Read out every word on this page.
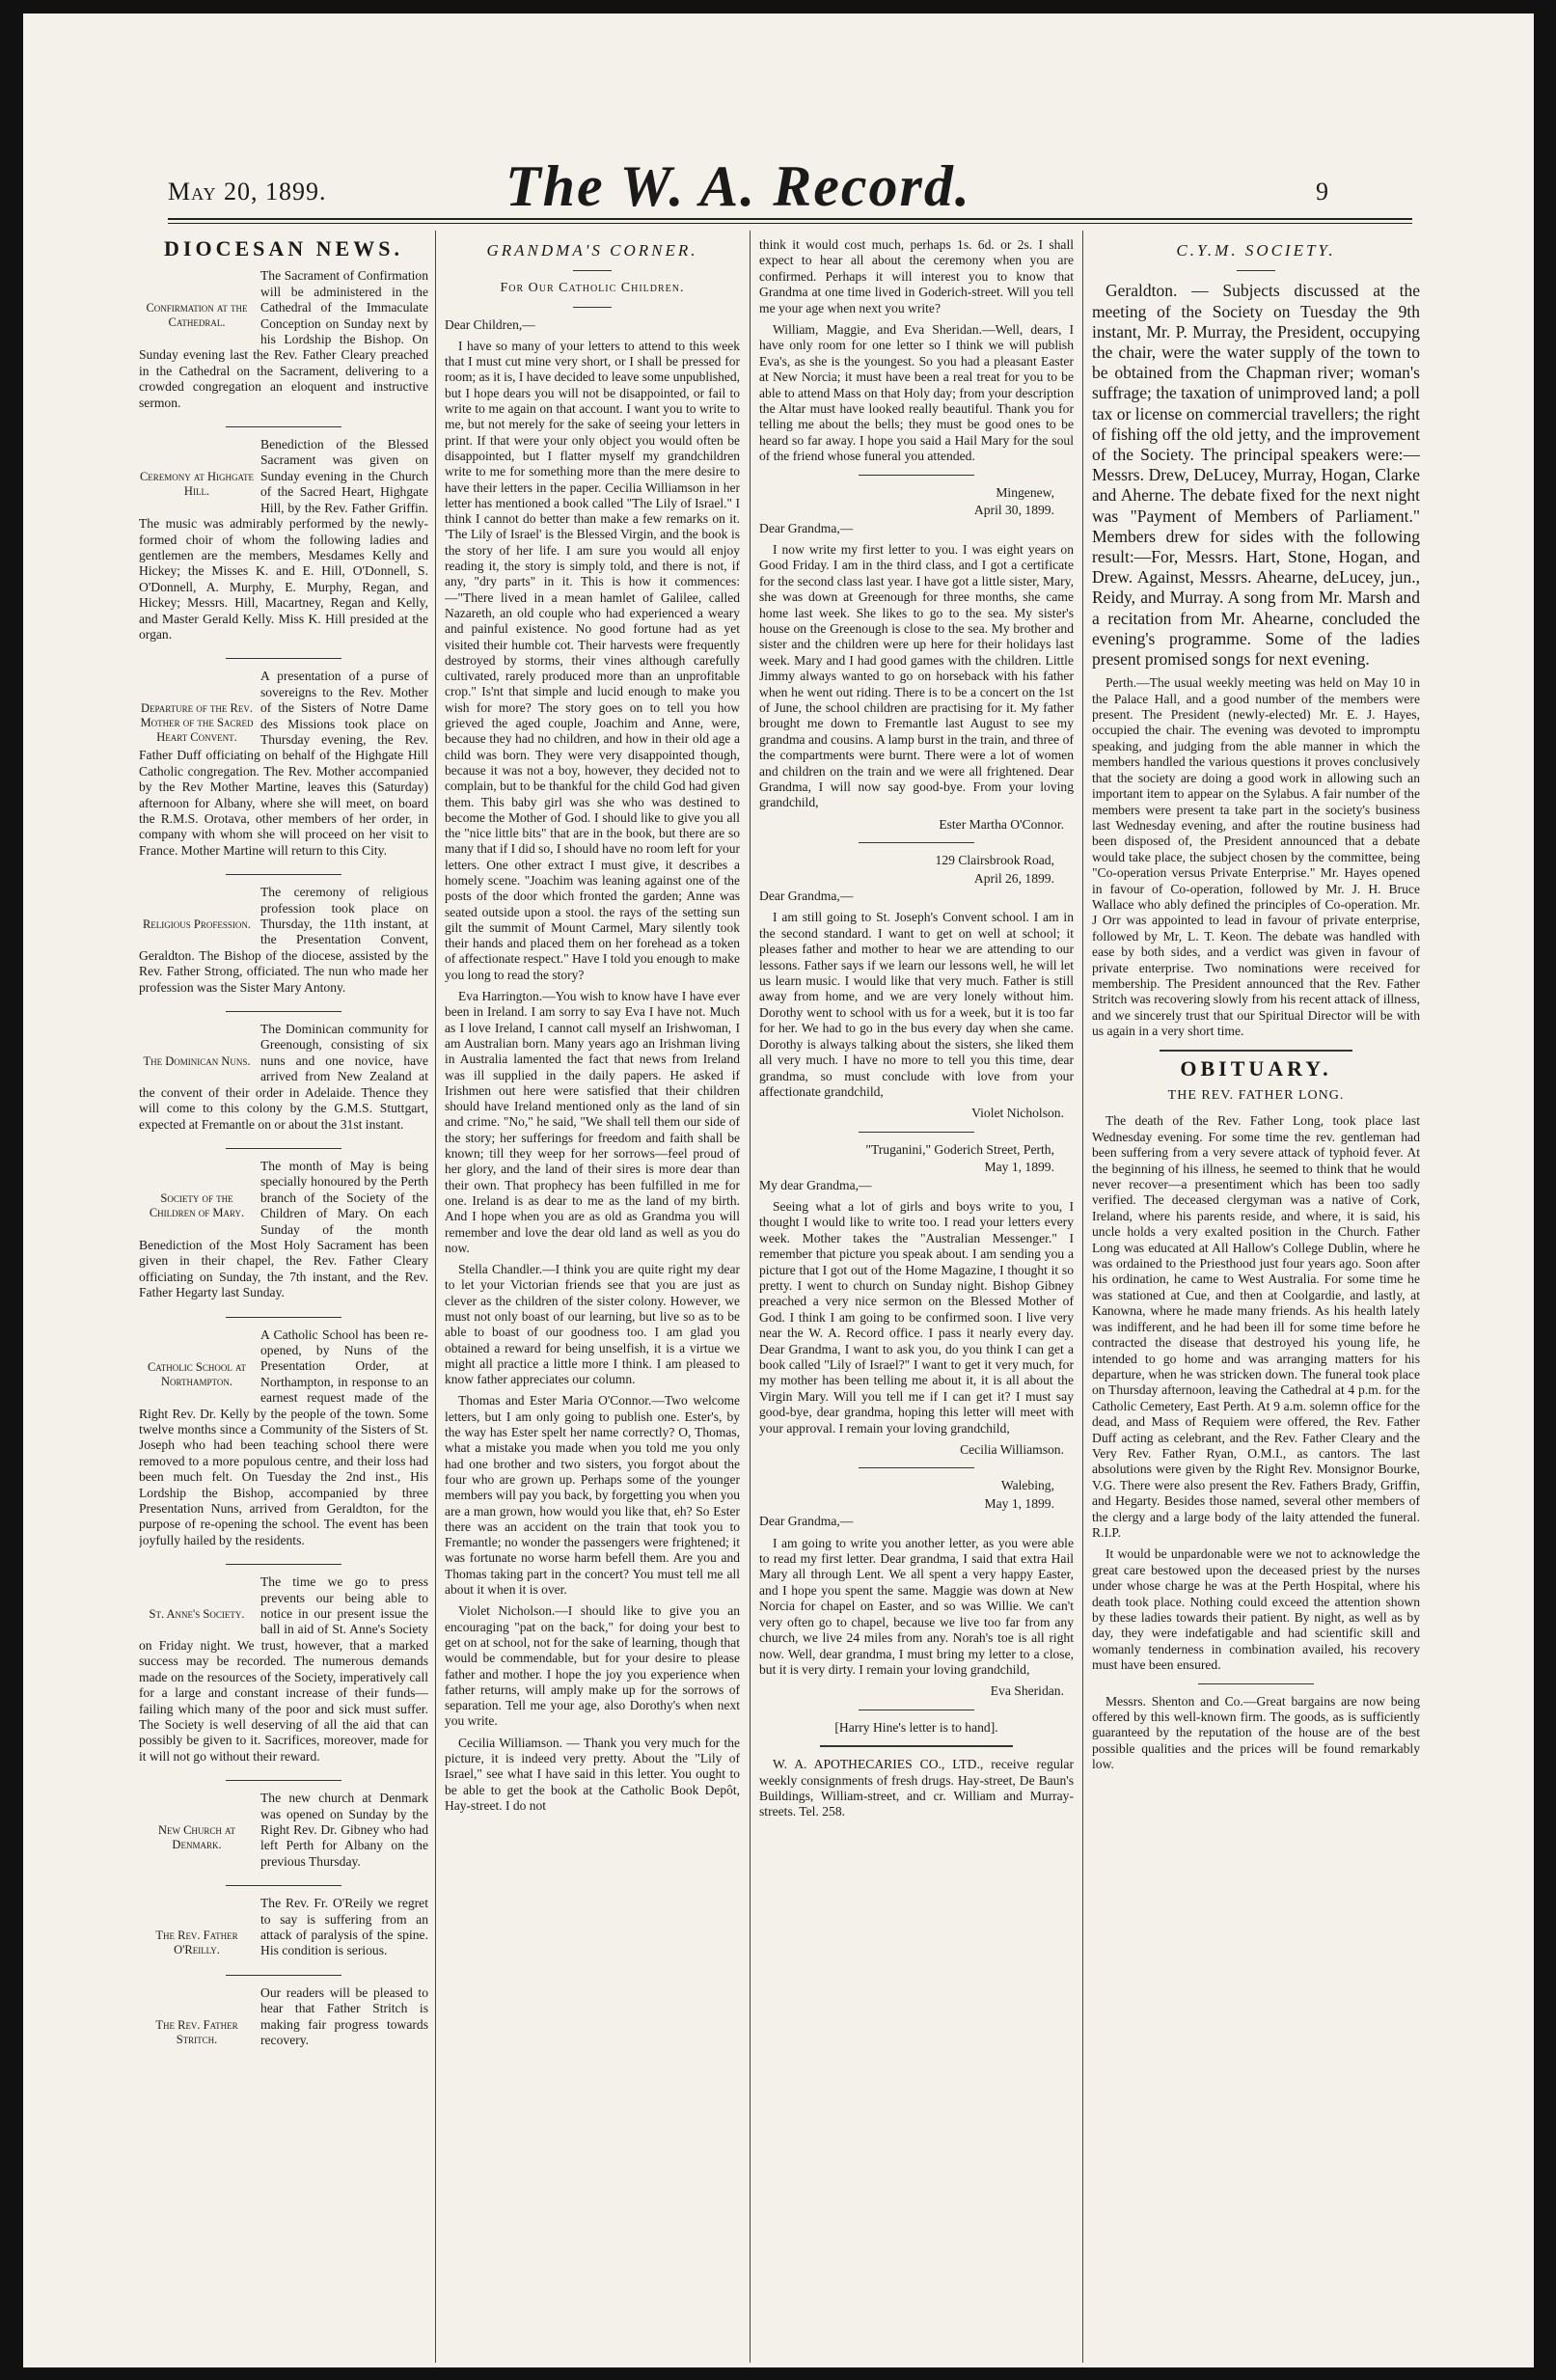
May 20, 1899.	The W. A. Record.	9
DIOCESAN NEWS.
Confirmation at the Cathedral.

The Sacrament of Confirmation will be administered in the Cathedral of the Immaculate Conception on Sunday next by his Lordship the Bishop. On Sunday evening last the Rev. Father Cleary preached in the Cathedral on the Sacrament, delivering to a crowded congregation an eloquent and instructive sermon.

Ceremony at Highgate Hill.

Benediction of the Blessed Sacrament was given on Sunday evening in the Church of the Sacred Heart, Highgate Hill, by the Rev. Father Griffin. The music was admirably performed by the newly-formed choir of whom the following ladies and gentlemen are the members, Mesdames Kelly and Hickey; the Misses K. and E. Hill, O'Donnell, S. O'Donnell, A. Murphy, E. Murphy, Regan, and Hickey; Messrs. Hill, Macartney, Regan and Kelly, and Master Gerald Kelly. Miss K. Hill presided at the organ.

Departure of the Rev. Mother of the Sacred Heart Convent.

A presentation of a purse of sovereigns to the Rev. Mother of the Sisters of Notre Dame des Missions took place on Thursday evening, the Rev. Father Duff officiating on behalf of the Highgate Hill Catholic congregation. The Rev. Mother accompanied by the Rev Mother Martine, leaves this (Saturday) afternoon for Albany, where she will meet, on board the R.M.S. Orotava, other members of her order, in company with whom she will proceed on her visit to France. Mother Martine will return to this City.

Religious Profession.

The ceremony of religious profession took place on Thursday, the 11th instant, at the Presentation Convent, Geraldton. The Bishop of the diocese, assisted by the Rev. Father Strong, officiated. The nun who made her profession was the Sister Mary Antony.

The Dominican Nuns.

The Dominican community for Greenough, consisting of six nuns and one novice, have arrived from New Zealand at the convent of their order in Adelaide. Thence they will come to this colony by the G.M.S. Stuttgart, expected at Fremantle on or about the 31st instant.

Society of the Children of Mary.

The month of May is being specially honoured by the Perth branch of the Society of the Children of Mary. On each Sunday of the month Benediction of the Most Holy Sacrament has been given in their chapel, the Rev. Father Cleary officiating on Sunday, the 7th instant, and the Rev. Father Hegarty last Sunday.

Catholic School at Northampton.

A Catholic School has been re-opened, by Nuns of the Presentation Order, at Northampton, in response to an earnest request made of the Right Rev. Dr. Kelly by the people of the town. Some twelve months since a Community of the Sisters of St. Joseph who had been teaching school there were removed to a more populous centre, and their loss had been much felt. On Tuesday the 2nd inst., His Lordship the Bishop, accompanied by three Presentation Nuns, arrived from Geraldton, for the purpose of re-opening the school. The event has been joyfully hailed by the residents.

St. Anne's Society.

The time we go to press prevents our being able to notice in our present issue the ball in aid of St. Anne's Society on Friday night. We trust, however, that a marked success may be recorded. The numerous demands made on the resources of the Society, imperatively call for a large and constant increase of their funds—failing which many of the poor and sick must suffer. The Society is well deserving of all the aid that can possibly be given to it. Sacrifices, moreover, made for it will not go without their reward.

New Church at Denmark.

The new church at Denmark was opened on Sunday by the Right Rev. Dr. Gibney who had left Perth for Albany on the previous Thursday.

The Rev. Father O'Reilly.

The Rev. Fr. O'Reily we regret to say is suffering from an attack of paralysis of the spine. His condition is serious.

The Rev. Father Stritch.

Our readers will be pleased to hear that Father Stritch is making fair progress towards recovery.

GRANDMA'S CORNER.
For Our Catholic Children.

Dear Children,—

I have so many of your letters to attend to this week that I must cut mine very short, or I shall be pressed for room; as it is, I have decided to leave some unpublished, but I hope dears you will not be disappointed, or fail to write to me again on that account. I want you to write to me, but not merely for the sake of seeing your letters in print. If that were your only object you would often be disappointed, but I flatter myself my grandchildren write to me for something more than the mere desire to have their letters in the paper. Cecilia Williamson in her letter has mentioned a book called "The Lily of Israel." I think I cannot do better than make a few remarks on it. 'The Lily of Israel' is the Blessed Virgin, and the book is the story of her life. I am sure you would all enjoy reading it, the story is simply told, and there is not, if any, "dry parts" in it. This is how it commences:—"There lived in a mean hamlet of Galilee, called Nazareth, an old couple who had experienced a weary and painful existence. No good fortune had as yet visited their humble cot. Their harvests were frequently destroyed by storms, their vines although carefully cultivated, rarely produced more than an unprofitable crop." Is'nt that simple and lucid enough to make you wish for more? The story goes on to tell you how grieved the aged couple, Joachim and Anne, were, because they had no children, and how in their old age a child was born. They were very disappointed though, because it was not a boy, however, they decided not to complain, but to be thankful for the child God had given them. This baby girl was she who was destined to become the Mother of God. I should like to give you all the "nice little bits" that are in the book, but there are so many that if I did so, I should have no room left for your letters. One other extract I must give, it describes a homely scene. "Joachim was leaning against one of the posts of the door which fronted the garden; Anne was seated outside upon a stool. the rays of the setting sun gilt the summit of Mount Carmel, Mary silently took their hands and placed them on her forehead as a token of affectionate respect." Have I told you enough to make you long to read the story?

Eva Harrington.—You wish to know have I have ever been in Ireland. I am sorry to say Eva I have not. Much as I love Ireland, I cannot call myself an Irishwoman, I am Australian born. Many years ago an Irishman living in Australia lamented the fact that news from Ireland was ill supplied in the daily papers. He asked if Irishmen out here were satisfied that their children should have Ireland mentioned only as the land of sin and crime. "No," he said, "We shall tell them our side of the story; her sufferings for freedom and faith shall be known; till they weep for her sorrows—feel proud of her glory, and the land of their sires is more dear than their own. That prophecy has been fulfilled in me for one. Ireland is as dear to me as the land of my birth. And I hope when you are as old as Grandma you will remember and love the dear old land as well as you do now.

Stella Chandler.—I think you are quite right my dear to let your Victorian friends see that you are just as clever as the children of the sister colony. However, we must not only boast of our learning, but live so as to be able to boast of our goodness too. I am glad you obtained a reward for being unselfish, it is a virtue we might all practice a little more I think. I am pleased to know father appreciates our column.

Thomas and Ester Maria O'Connor.—Two welcome letters, but I am only going to publish one. Ester's, by the way has Ester spelt her name correctly? O, Thomas, what a mistake you made when you told me you only had one brother and two sisters, you forgot about the four who are grown up. Perhaps some of the younger members will pay you back, by forgetting you when you are a man grown, how would you like that, eh? So Ester there was an accident on the train that took you to Fremantle; no wonder the passengers were frightened; it was fortunate no worse harm befell them. Are you and Thomas taking part in the concert? You must tell me all about it when it is over.

Violet Nicholson.—I should like to give you an encouraging "pat on the back," for doing your best to get on at school, not for the sake of learning, though that would be commendable, but for your desire to please father and mother. I hope the joy you experience when father returns, will amply make up for the sorrows of separation. Tell me your age, also Dorothy's when next you write.

Cecilia Williamson. — Thank you very much for the picture, it is indeed very pretty. About the "Lily of Israel," see what I have said in this letter. You ought to be able to get the book at the Catholic Book Depôt, Hay-street. I do not

think it would cost much, perhaps 1s. 6d. or 2s. I shall expect to hear all about the ceremony when you are confirmed. Perhaps it will interest you to know that Grandma at one time lived in Goderich-street. Will you tell me your age when next you write?

William, Maggie, and Eva Sheridan.—Well, dears, I have only room for one letter so I think we will publish Eva's, as she is the youngest. So you had a pleasant Easter at New Norcia; it must have been a real treat for you to be able to attend Mass on that Holy day; from your description the Altar must have looked really beautiful. Thank you for telling me about the bells; they must be good ones to be heard so far away. I hope you said a Hail Mary for the soul of the friend whose funeral you attended.

Mingenew,
April 30, 1899.

Dear Grandma,—

I now write my first letter to you. I was eight years on Good Friday. I am in the third class, and I got a certificate for the second class last year. I have got a little sister, Mary, she was down at Greenough for three months, she came home last week. She likes to go to the sea. My sister's house on the Greenough is close to the sea. My brother and sister and the children were up here for their holidays last week. Mary and I had good games with the children. Little Jimmy always wanted to go on horseback with his father when he went out riding. There is to be a concert on the 1st of June, the school children are practising for it. My father brought me down to Fremantle last August to see my grandma and cousins. A lamp burst in the train, and three of the compartments were burnt. There were a lot of women and children on the train and we were all frightened. Dear Grandma, I will now say good-bye. From your loving grandchild,

Ester Martha O'Connor.
129 Clairsbrook Road,
April 26, 1899.

Dear Grandma,—

I am still going to St. Joseph's Convent school. I am in the second standard. I want to get on well at school; it pleases father and mother to hear we are attending to our lessons. Father says if we learn our lessons well, he will let us learn music. I would like that very much. Father is still away from home, and we are very lonely without him. Dorothy went to school with us for a week, but it is too far for her. We had to go in the bus every day when she came. Dorothy is always talking about the sisters, she liked them all very much. I have no more to tell you this time, dear grandma, so must conclude with love from your affectionate grandchild,

Violet Nicholson.
"Truganini," Goderich Street, Perth,
May 1, 1899.

My dear Grandma,—

Seeing what a lot of girls and boys write to you, I thought I would like to write too. I read your letters every week. Mother takes the "Australian Messenger." I remember that picture you speak about. I am sending you a picture that I got out of the Home Magazine, I thought it so pretty. I went to church on Sunday night. Bishop Gibney preached a very nice sermon on the Blessed Mother of God. I think I am going to be confirmed soon. I live very near the W. A. Record office. I pass it nearly every day. Dear Grandma, I want to ask you, do you think I can get a book called "Lily of Israel?" I want to get it very much, for my mother has been telling me about it, it is all about the Virgin Mary. Will you tell me if I can get it? I must say good-bye, dear grandma, hoping this letter will meet with your approval. I remain your loving grandchild,

Cecilia Williamson.
Walebing,
May 1, 1899.

Dear Grandma,—

I am going to write you another letter, as you were able to read my first letter. Dear grandma, I said that extra Hail Mary all through Lent. We all spent a very happy Easter, and I hope you spent the same. Maggie was down at New Norcia for chapel on Easter, and so was Willie. We can't very often go to chapel, because we live too far from any church, we live 24 miles from any. Norah's toe is all right now. Well, dear grandma, I must bring my letter to a close, but it is very dirty. I remain your loving grandchild,

Eva Sheridan.

[Harry Hine's letter is to hand].

W. A. APOTHECARIES CO., LTD., receive regular weekly consignments of fresh drugs. Hay-street, De Baun's Buildings, William-street, and cr. William and Murray-streets. Tel. 258.

C.Y.M. SOCIETY.

Geraldton. — Subjects discussed at the meeting of the Society on Tuesday the 9th instant, Mr. P. Murray, the President, occupying the chair, were the water supply of the town to be obtained from the Chapman river; woman's suffrage; the taxation of unimproved land; a poll tax or license on commercial travellers; the right of fishing off the old jetty, and the improvement of the Society. The principal speakers were:—Messrs. Drew, DeLucey, Murray, Hogan, Clarke and Aherne. The debate fixed for the next night was "Payment of Members of Parliament." Members drew for sides with the following result:—For, Messrs. Hart, Stone, Hogan, and Drew. Against, Messrs. Ahearne, deLucey, jun., Reidy, and Murray. A song from Mr. Marsh and a recitation from Mr. Ahearne, concluded the evening's programme. Some of the ladies present promised songs for next evening.

Perth.—The usual weekly meeting was held on May 10 in the Palace Hall, and a good number of the members were present. The President (newly-elected) Mr. E. J. Hayes, occupied the chair. The evening was devoted to impromptu speaking, and judging from the able manner in which the members handled the various questions it proves conclusively that the society are doing a good work in allowing such an important item to appear on the Sylabus. A fair number of the members were present ta take part in the society's business last Wednesday evening, and after the routine business had been disposed of, the President announced that a debate would take place, the subject chosen by the committee, being "Co-operation versus Private Enterprise." Mr. Hayes opened in favour of Co-operation, followed by Mr. J. H. Bruce Wallace who ably defined the principles of Co-operation. Mr. J Orr was appointed to lead in favour of private enterprise, followed by Mr, L. T. Keon. The debate was handled with ease by both sides, and a verdict was given in favour of private enterprise. Two nominations were received for membership. The President announced that the Rev. Father Stritch was recovering slowly from his recent attack of illness, and we sincerely trust that our Spiritual Director will be with us again in a very short time.

OBITUARY.
THE REV. FATHER LONG.

The death of the Rev. Father Long, took place last Wednesday evening. For some time the rev. gentleman had been suffering from a very severe attack of typhoid fever. At the beginning of his illness, he seemed to think that he would never recover—a presentiment which has been too sadly verified. The deceased clergyman was a native of Cork, Ireland, where his parents reside, and where, it is said, his uncle holds a very exalted position in the Church. Father Long was educated at All Hallow's College Dublin, where he was ordained to the Priesthood just four years ago. Soon after his ordination, he came to West Australia. For some time he was stationed at Cue, and then at Coolgardie, and lastly, at Kanowna, where he made many friends. As his health lately was indifferent, and he had been ill for some time before he contracted the disease that destroyed his young life, he intended to go home and was arranging matters for his departure, when he was stricken down. The funeral took place on Thursday afternoon, leaving the Cathedral at 4 p.m. for the Catholic Cemetery, East Perth. At 9 a.m. solemn office for the dead, and Mass of Requiem were offered, the Rev. Father Duff acting as celebrant, and the Rev. Father Cleary and the Very Rev. Father Ryan, O.M.I., as cantors. The last absolutions were given by the Right Rev. Monsignor Bourke, V.G. There were also present the Rev. Fathers Brady, Griffin, and Hegarty. Besides those named, several other members of the clergy and a large body of the laity attended the funeral. R.I.P.

It would be unpardonable were we not to acknowledge the great care bestowed upon the deceased priest by the nurses under whose charge he was at the Perth Hospital, where his death took place. Nothing could exceed the attention shown by these ladies towards their patient. By night, as well as by day, they were indefatigable and had scientific skill and womanly tenderness in combination availed, his recovery must have been ensured.

Messrs. Shenton and Co.—Great bargains are now being offered by this well-known firm. The goods, as is sufficiently guaranteed by the reputation of the house are of the best possible qualities and the prices will be found remarkably low.
